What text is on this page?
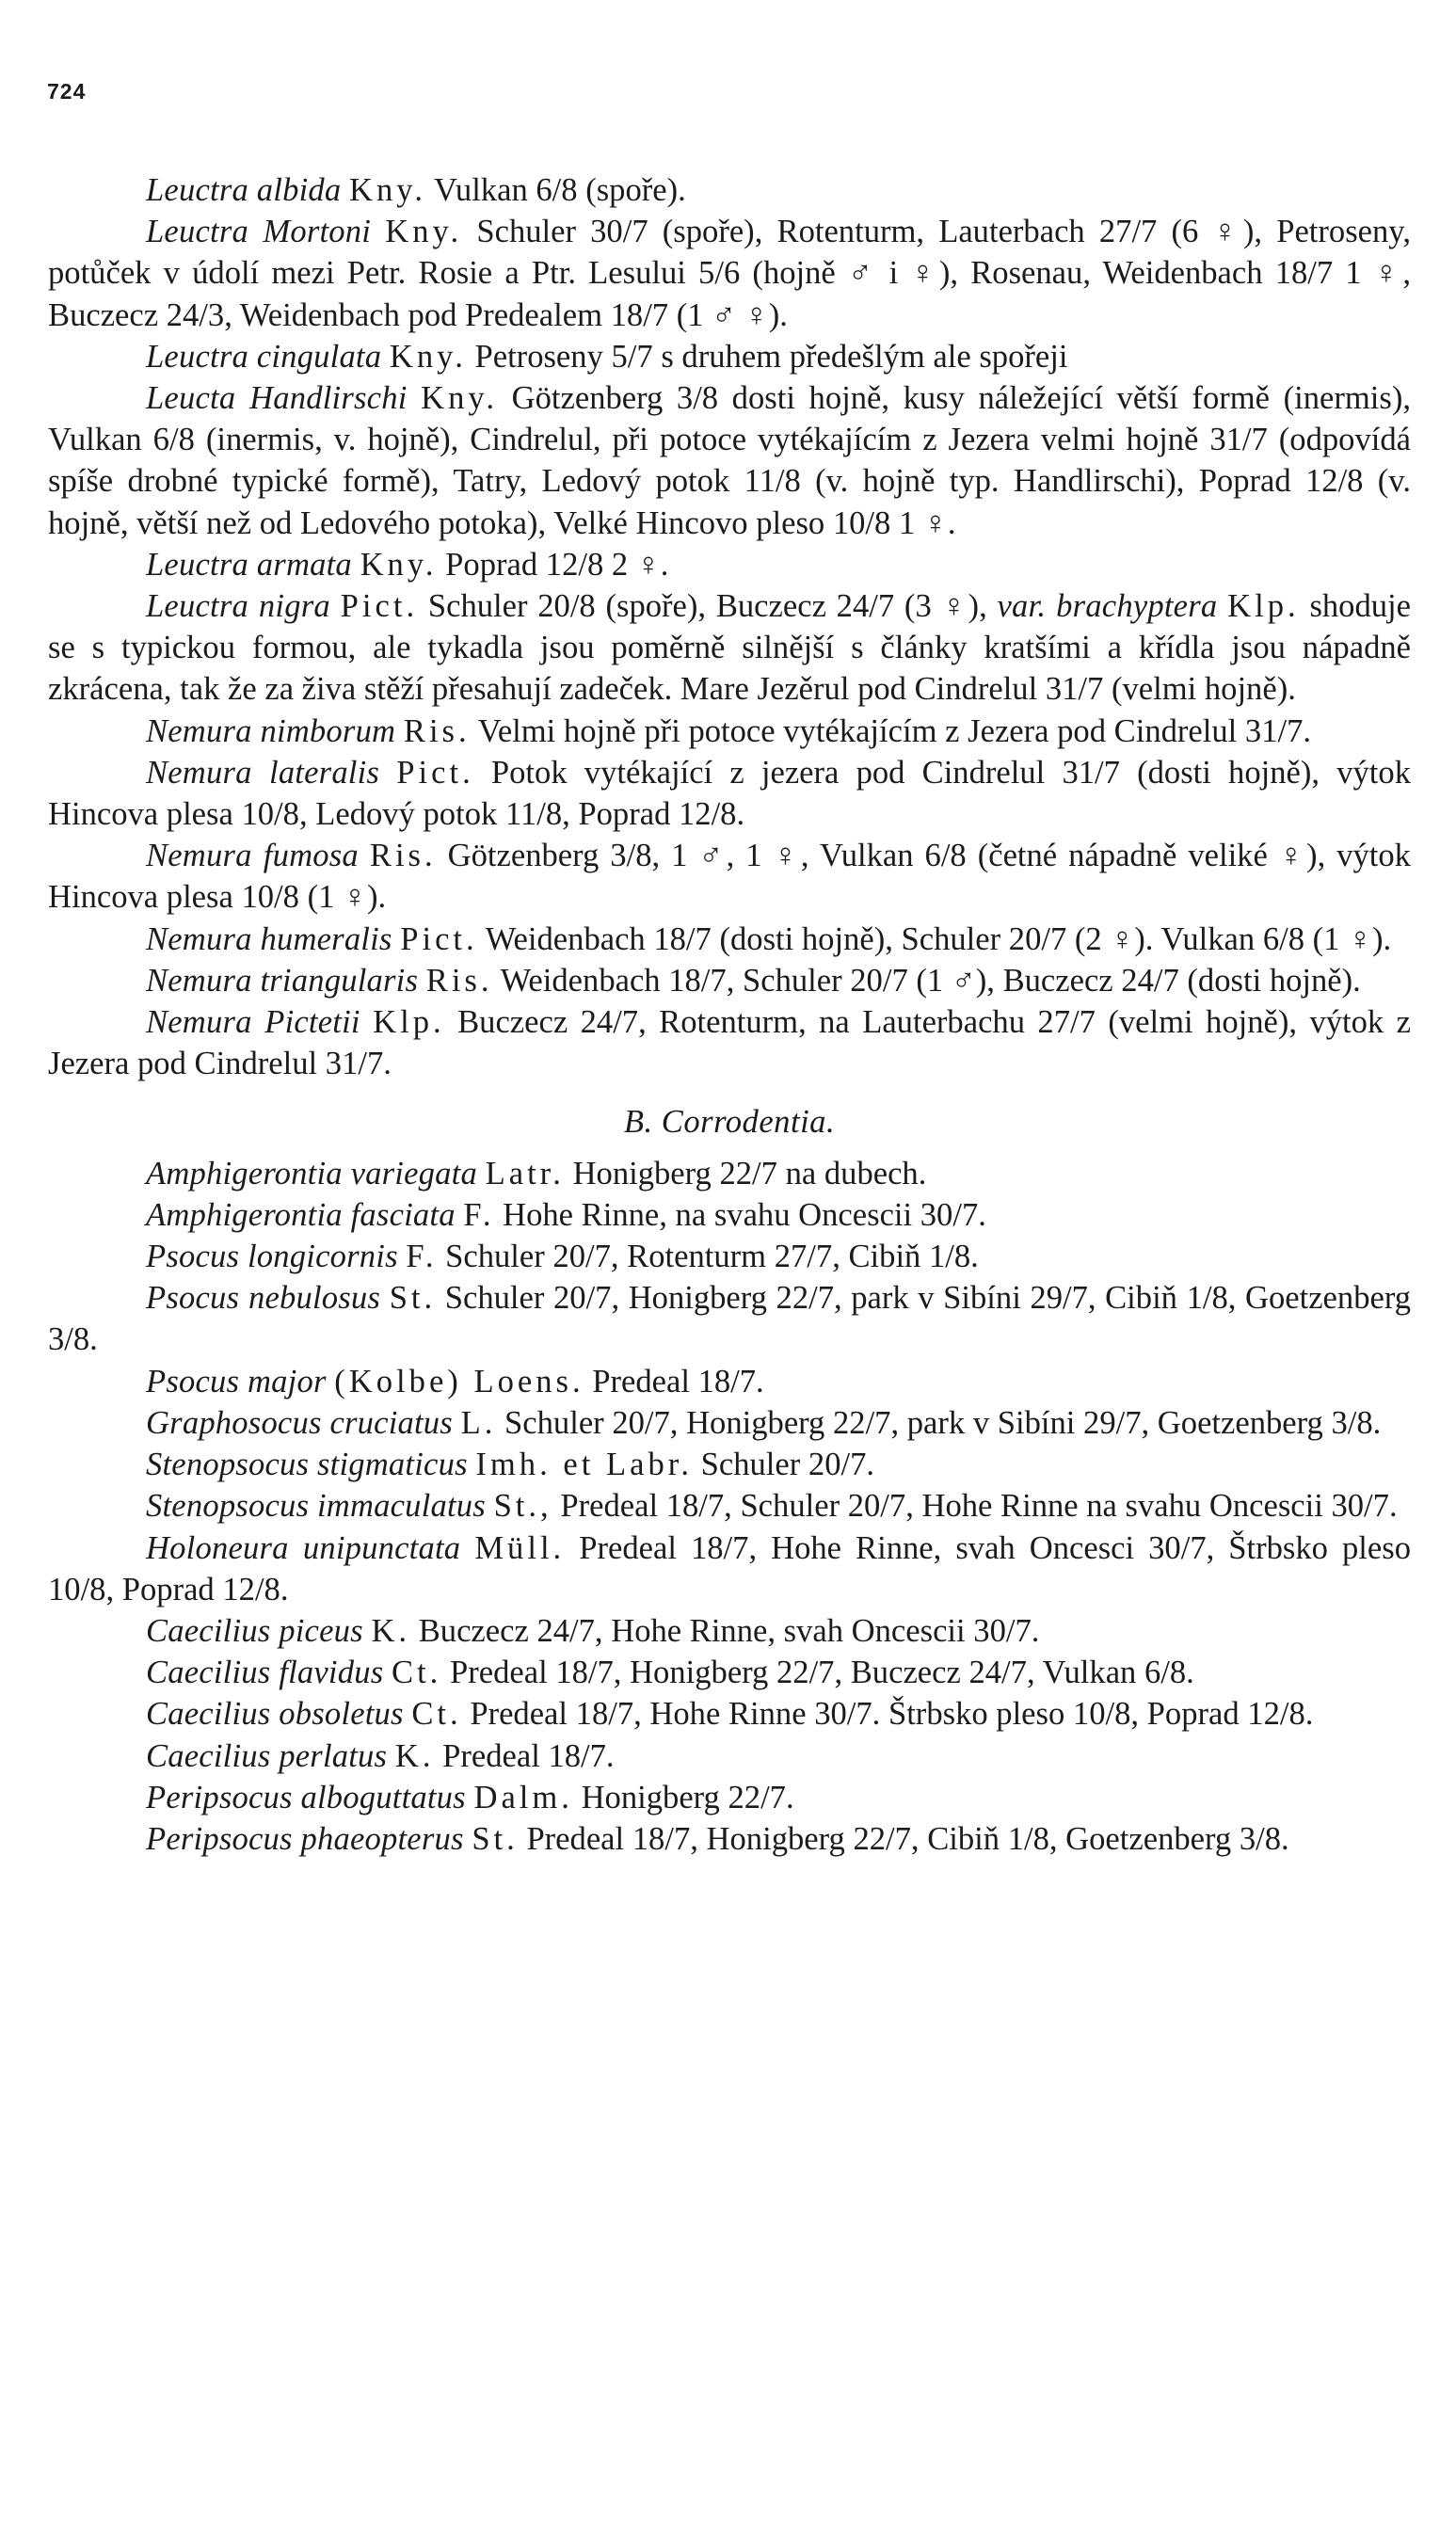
724

Leuctra albida Kny. Vulkan 6/8 (spoře).

Leuctra Mortoni Kny. Schuler 30/7 (spoře), Rotenturm, Lauterbach 27/7 (6 ♀), Petroseny, potůček v údolí mezi Petr. Rosie a Ptr. Lesului 5/6 (hojně ♂ i ♀), Rosenau, Weidenbach 18/7 1 ♀, Buczecz 24/3, Weidenbach pod Predealem 18/7 (1 ♂ ♀).

Leuctra cingulata Kny. Petroseny 5/7 s druhem předešlým ale spořeji

Leucta Handlirschi Kny. Götzenberg 3/8 dosti hojně, kusy náležející větší formě (inermis), Vulkan 6/8 (inermis, v. hojně), Cindrelul, při potoce vytékajícím z Jezera velmi hojně 31/7 (odpovídá spíše drobné typické formě), Tatry, Ledový potok 11/8 (v. hojně typ. Handlirschi), Poprad 12/8 (v. hojně, větší než od Ledového potoka), Velké Hincovo pleso 10/8 1 ♀.

Leuctra armata Kny. Poprad 12/8 2 ♀.

Leuctra nigra Pict. Schuler 20/8 (spoře), Buczecz 24/7 (3 ♀), var. brachyptera Klp. shoduje se s typickou formou, ale tykadla jsou poměrně silnější s články kratšími a křídla jsou nápadně zkrácena, tak že za živa stěží přesahují zadeček. Mare Jezěrul pod Cindrelul 31/7 (velmi hojně).

Nemura nimborum Ris. Velmi hojně při potoce vytékajícím z Jezera pod Cindrelul 31/7.

Nemura lateralis Pict. Potok vytékající z jezera pod Cindrelul 31/7 (dosti hojně), výtok Hincova plesa 10/8, Ledový potok 11/8, Poprad 12/8.

Nemura fumosa Ris. Götzenberg 3/8, 1 ♂, 1 ♀, Vulkan 6/8 (četné nápadně veliké ♀), výtok Hincova plesa 10/8 (1 ♀).

Nemura humeralis Pict. Weidenbach 18/7 (dosti hojně), Schuler 20/7 (2 ♀). Vulkan 6/8 (1 ♀).

Nemura triangularis Ris. Weidenbach 18/7, Schuler 20/7 (1 ♂), Buczecz 24/7 (dosti hojně).

Nemura Pictetii Klp. Buczecz 24/7, Rotenturm, na Lauterbachu 27/7 (velmi hojně), výtok z Jezera pod Cindrelul 31/7.

B. Corrodentia.

Amphigerontia variegata Latr. Honigberg 22/7 na dubech.

Amphigerontia fasciata F. Hohe Rinne, na svahu Oncescii 30/7.

Psocus longicornis F. Schuler 20/7, Rotenturm 27/7, Cibiň 1/8.

Psocus nebulosus St. Schuler 20/7, Honigberg 22/7, park v Sibíni 29/7, Cibiň 1/8, Goetzenberg 3/8.

Psocus major (Kolbe) Loens. Predeal 18/7.

Graphosocus cruciatus L. Schuler 20/7, Honigberg 22/7, park v Sibíni 29/7, Goetzenberg 3/8.

Stenopsocus stigmaticus Imh. et Labr. Schuler 20/7.

Stenopsocus immaculatus St., Predeal 18/7, Schuler 20/7, Hohe Rinne na svahu Oncescii 30/7.

Holoneura unipunctata Müll. Predeal 18/7, Hohe Rinne, svah Oncesci 30/7, Štrbsko pleso 10/8, Poprad 12/8.

Caecilius piceus K. Buczecz 24/7, Hohe Rinne, svah Oncescii 30/7.

Caecilius flavidus Ct. Predeal 18/7, Honigberg 22/7, Buczecz 24/7, Vulkan 6/8.

Caecilius obsoletus Ct. Predeal 18/7, Hohe Rinne 30/7. Štrbsko pleso 10/8, Poprad 12/8.

Caecilius perlatus K. Predeal 18/7.

Peripsocus alboguttatus Dalm. Honigberg 22/7.

Peripsocus phaeopterus St. Predeal 18/7, Honigberg 22/7, Cibiň 1/8, Goetzenberg 3/8.
